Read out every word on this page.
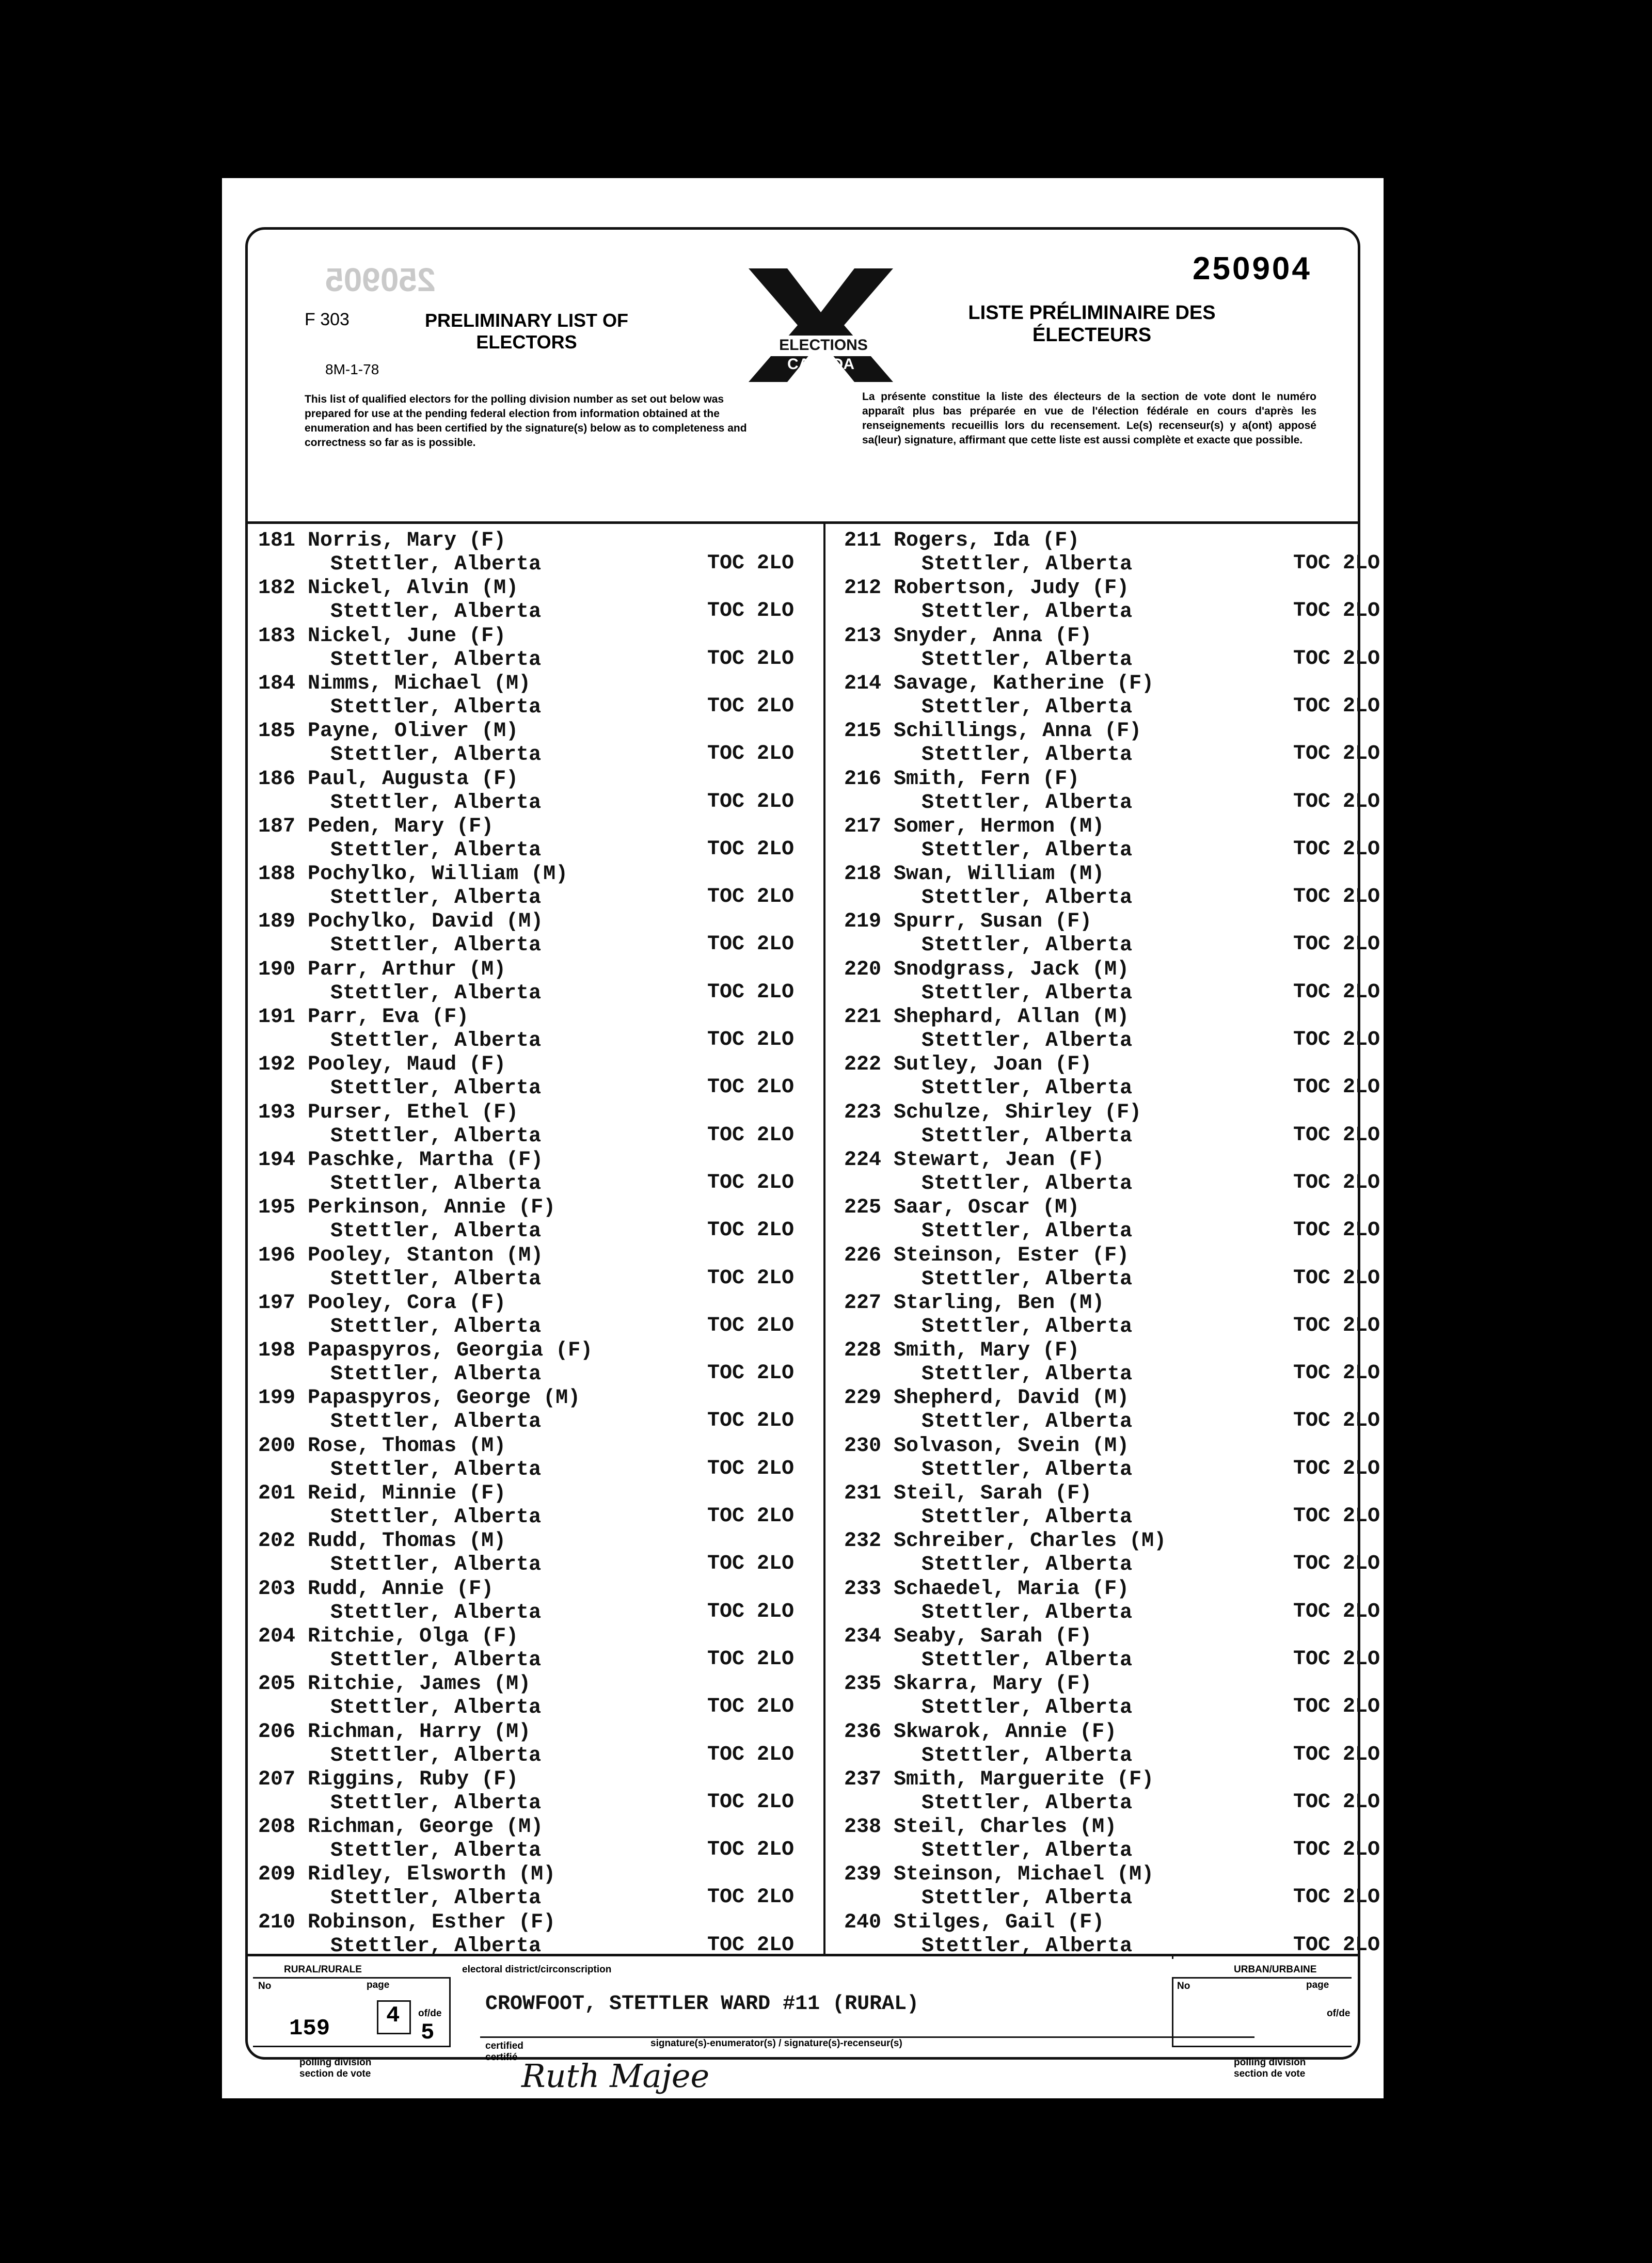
250905
F 303
8M-1-78
PRELIMINARY LIST OF ELECTORS
LISTE PRÉLIMINAIRE DES ÉLECTEURS
250904
ELECTIONS
CANADA
This list of qualified electors for the polling division number as set out below was prepared for use at the pending federal election from information obtained at the enumeration and has been certified by the signature(s) below as to completeness and correctness so far as is possible.
La présente constitue la liste des électeurs de la section de vote dont le numéro apparaît plus bas préparée en vue de l'élection fédérale en cours d'après les renseignements recueillis lors du recensement. Le(s) recenseur(s) y a(ont) apposé sa(leur) signature, affirmant que cette liste est aussi complète et exacte que possible.
181 Norris, Mary (F)
Stettler, Alberta	TOC 2LO
182 Nickel, Alvin (M)
Stettler, Alberta	TOC 2LO
183 Nickel, June (F)
Stettler, Alberta	TOC 2LO
184 Nimms, Michael (M)
Stettler, Alberta	TOC 2LO
185 Payne, Oliver (M)
Stettler, Alberta	TOC 2LO
186 Paul, Augusta (F)
Stettler, Alberta	TOC 2LO
187 Peden, Mary (F)
Stettler, Alberta	TOC 2LO
188 Pochylko, William (M)
Stettler, Alberta	TOC 2LO
189 Pochylko, David (M)
Stettler, Alberta	TOC 2LO
190 Parr, Arthur (M)
Stettler, Alberta	TOC 2LO
191 Parr, Eva (F)
Stettler, Alberta	TOC 2LO
192 Pooley, Maud (F)
Stettler, Alberta	TOC 2LO
193 Purser, Ethel (F)
Stettler, Alberta	TOC 2LO
194 Paschke, Martha (F)
Stettler, Alberta	TOC 2LO
195 Perkinson, Annie (F)
Stettler, Alberta	TOC 2LO
196 Pooley, Stanton (M)
Stettler, Alberta	TOC 2LO
197 Pooley, Cora (F)
Stettler, Alberta	TOC 2LO
198 Papaspyros, Georgia (F)
Stettler, Alberta	TOC 2LO
199 Papaspyros, George (M)
Stettler, Alberta	TOC 2LO
200 Rose, Thomas (M)
Stettler, Alberta	TOC 2LO
201 Reid, Minnie (F)
Stettler, Alberta	TOC 2LO
202 Rudd, Thomas (M)
Stettler, Alberta	TOC 2LO
203 Rudd, Annie (F)
Stettler, Alberta	TOC 2LO
204 Ritchie, Olga (F)
Stettler, Alberta	TOC 2LO
205 Ritchie, James (M)
Stettler, Alberta	TOC 2LO
206 Richman, Harry (M)
Stettler, Alberta	TOC 2LO
207 Riggins, Ruby (F)
Stettler, Alberta	TOC 2LO
208 Richman, George (M)
Stettler, Alberta	TOC 2LO
209 Ridley, Elsworth (M)
Stettler, Alberta	TOC 2LO
210 Robinson, Esther (F)
Stettler, Alberta	TOC 2LO
211 Rogers, Ida (F)
Stettler, Alberta	TOC 2LO
212 Robertson, Judy (F)
Stettler, Alberta	TOC 2LO
213 Snyder, Anna (F)
Stettler, Alberta	TOC 2LO
214 Savage, Katherine (F)
Stettler, Alberta	TOC 2LO
215 Schillings, Anna (F)
Stettler, Alberta	TOC 2LO
216 Smith, Fern (F)
Stettler, Alberta	TOC 2LO
217 Somer, Hermon (M)
Stettler, Alberta	TOC 2LO
218 Swan, William (M)
Stettler, Alberta	TOC 2LO
219 Spurr, Susan (F)
Stettler, Alberta	TOC 2LO
220 Snodgrass, Jack (M)
Stettler, Alberta	TOC 2LO
221 Shephard, Allan (M)
Stettler, Alberta	TOC 2LO
222 Sutley, Joan (F)
Stettler, Alberta	TOC 2LO
223 Schulze, Shirley (F)
Stettler, Alberta	TOC 2LO
224 Stewart, Jean (F)
Stettler, Alberta	TOC 2LO
225 Saar, Oscar (M)
Stettler, Alberta	TOC 2LO
226 Steinson, Ester (F)
Stettler, Alberta	TOC 2LO
227 Starling, Ben (M)
Stettler, Alberta	TOC 2LO
228 Smith, Mary (F)
Stettler, Alberta	TOC 2LO
229 Shepherd, David (M)
Stettler, Alberta	TOC 2LO
230 Solvason, Svein (M)
Stettler, Alberta	TOC 2LO
231 Steil, Sarah (F)
Stettler, Alberta	TOC 2LO
232 Schreiber, Charles (M)
Stettler, Alberta	TOC 2LO
233 Schaedel, Maria (F)
Stettler, Alberta	TOC 2LO
234 Seaby, Sarah (F)
Stettler, Alberta	TOC 2LO
235 Skarra, Mary (F)
Stettler, Alberta	TOC 2LO
236 Skwarok, Annie (F)
Stettler, Alberta	TOC 2LO
237 Smith, Marguerite (F)
Stettler, Alberta	TOC 2LO
238 Steil, Charles (M)
Stettler, Alberta	TOC 2LO
239 Steinson, Michael (M)
Stettler, Alberta	TOC 2LO
240 Stilges, Gail (F)
Stettler, Alberta	TOC 2LO
RURAL/RURALE
No	page
of/de
159 4
5
polling division
section de vote
electoral district/circonscription
CROWFOOT, STETTLER WARD #11 (RURAL)
certified
certifié
signature(s)-enumerator(s) / signature(s)-recenseur(s)
Ruth Majee
URBAN/URBAINE
No	page
of/de
polling division
section de vote
